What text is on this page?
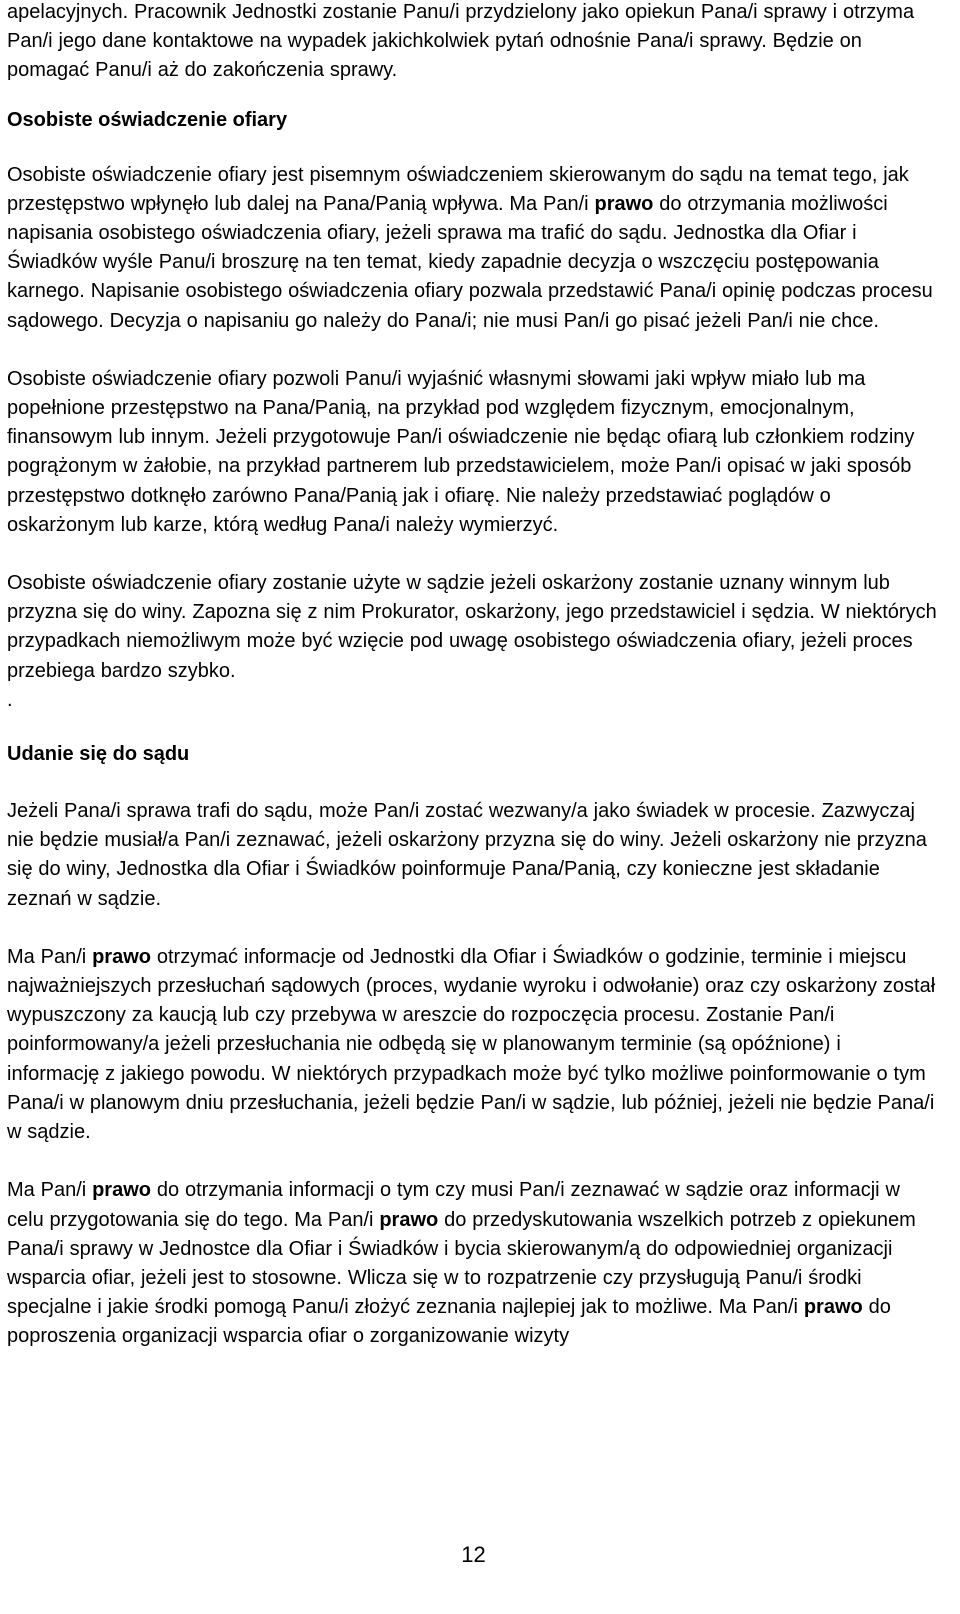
apelacyjnych. Pracownik Jednostki zostanie Panu/i przydzielony jako opiekun Pana/i sprawy i otrzyma Pan/i jego dane kontaktowe na wypadek jakichkolwiek pytań odnośnie Pana/i sprawy. Będzie on pomagać Panu/i aż do zakończenia sprawy.

Osobiste oświadczenie ofiary

Osobiste oświadczenie ofiary jest pisemnym oświadczeniem skierowanym do sądu na temat tego, jak przestępstwo wpłynęło lub dalej na Pana/Panią wpływa. Ma Pan/i prawo do otrzymania możliwości napisania osobistego oświadczenia ofiary, jeżeli sprawa ma trafić do sądu. Jednostka dla Ofiar i Świadków wyśle Panu/i broszurę na ten temat, kiedy zapadnie decyzja o wszczęciu postępowania karnego. Napisanie osobistego oświadczenia ofiary pozwala przedstawić Pana/i opinię podczas procesu sądowego. Decyzja o napisaniu go należy do Pana/i; nie musi Pan/i go pisać jeżeli Pan/i nie chce.

Osobiste oświadczenie ofiary pozwoli Panu/i wyjaśnić własnymi słowami jaki wpływ miało lub ma popełnione przestępstwo na Pana/Panią, na przykład pod względem fizycznym, emocjonalnym, finansowym lub innym. Jeżeli przygotowuje Pan/i oświadczenie nie będąc ofiarą lub członkiem rodziny pogrążonym w żałobie, na przykład partnerem lub przedstawicielem, może Pan/i opisać w jaki sposób przestępstwo dotknęło zarówno Pana/Panią jak i ofiarę. Nie należy przedstawiać poglądów o oskarżonym lub karze, którą według Pana/i należy wymierzyć.

Osobiste oświadczenie ofiary zostanie użyte w sądzie jeżeli oskarżony zostanie uznany winnym lub przyzna się do winy. Zapozna się z nim Prokurator, oskarżony, jego przedstawiciel i sędzia. W niektórych przypadkach niemożliwym może być wzięcie pod uwagę osobistego oświadczenia ofiary, jeżeli proces przebiega bardzo szybko.

.

Udanie się do sądu

Jeżeli Pana/i sprawa trafi do sądu, może Pan/i zostać wezwany/a jako świadek w procesie. Zazwyczaj nie będzie musiał/a Pan/i zeznawać, jeżeli oskarżony przyzna się do winy. Jeżeli oskarżony nie przyzna się do winy, Jednostka dla Ofiar i Świadków poinformuje Pana/Panią, czy konieczne jest składanie zeznań w sądzie.

Ma Pan/i prawo otrzymać informacje od Jednostki dla Ofiar i Świadków o godzinie, terminie i miejscu najważniejszych przesłuchań sądowych (proces, wydanie wyroku i odwołanie) oraz czy oskarżony został wypuszczony za kaucją lub czy przebywa w areszcie do rozpoczęcia procesu. Zostanie Pan/i poinformowany/a jeżeli przesłuchania nie odbędą się w planowanym terminie (są opóźnione) i informację z jakiego powodu. W niektórych przypadkach może być tylko możliwe poinformowanie o tym Pana/i w planowym dniu przesłuchania, jeżeli będzie Pan/i w sądzie, lub później, jeżeli nie będzie Pana/i w sądzie.

Ma Pan/i prawo do otrzymania informacji o tym czy musi Pan/i zeznawać w sądzie oraz informacji w celu przygotowania się do tego. Ma Pan/i prawo do przedyskutowania wszelkich potrzeb z opiekunem Pana/i sprawy w Jednostce dla Ofiar i Świadków i bycia skierowanym/ą do odpowiedniej organizacji wsparcia ofiar, jeżeli jest to stosowne. Wlicza się w to rozpatrzenie czy przysługują Panu/i środki specjalne i jakie środki pomogą Panu/i złożyć zeznania najlepiej jak to możliwe. Ma Pan/i prawo do poproszenia organizacji wsparcia ofiar o zorganizowanie wizyty

12
